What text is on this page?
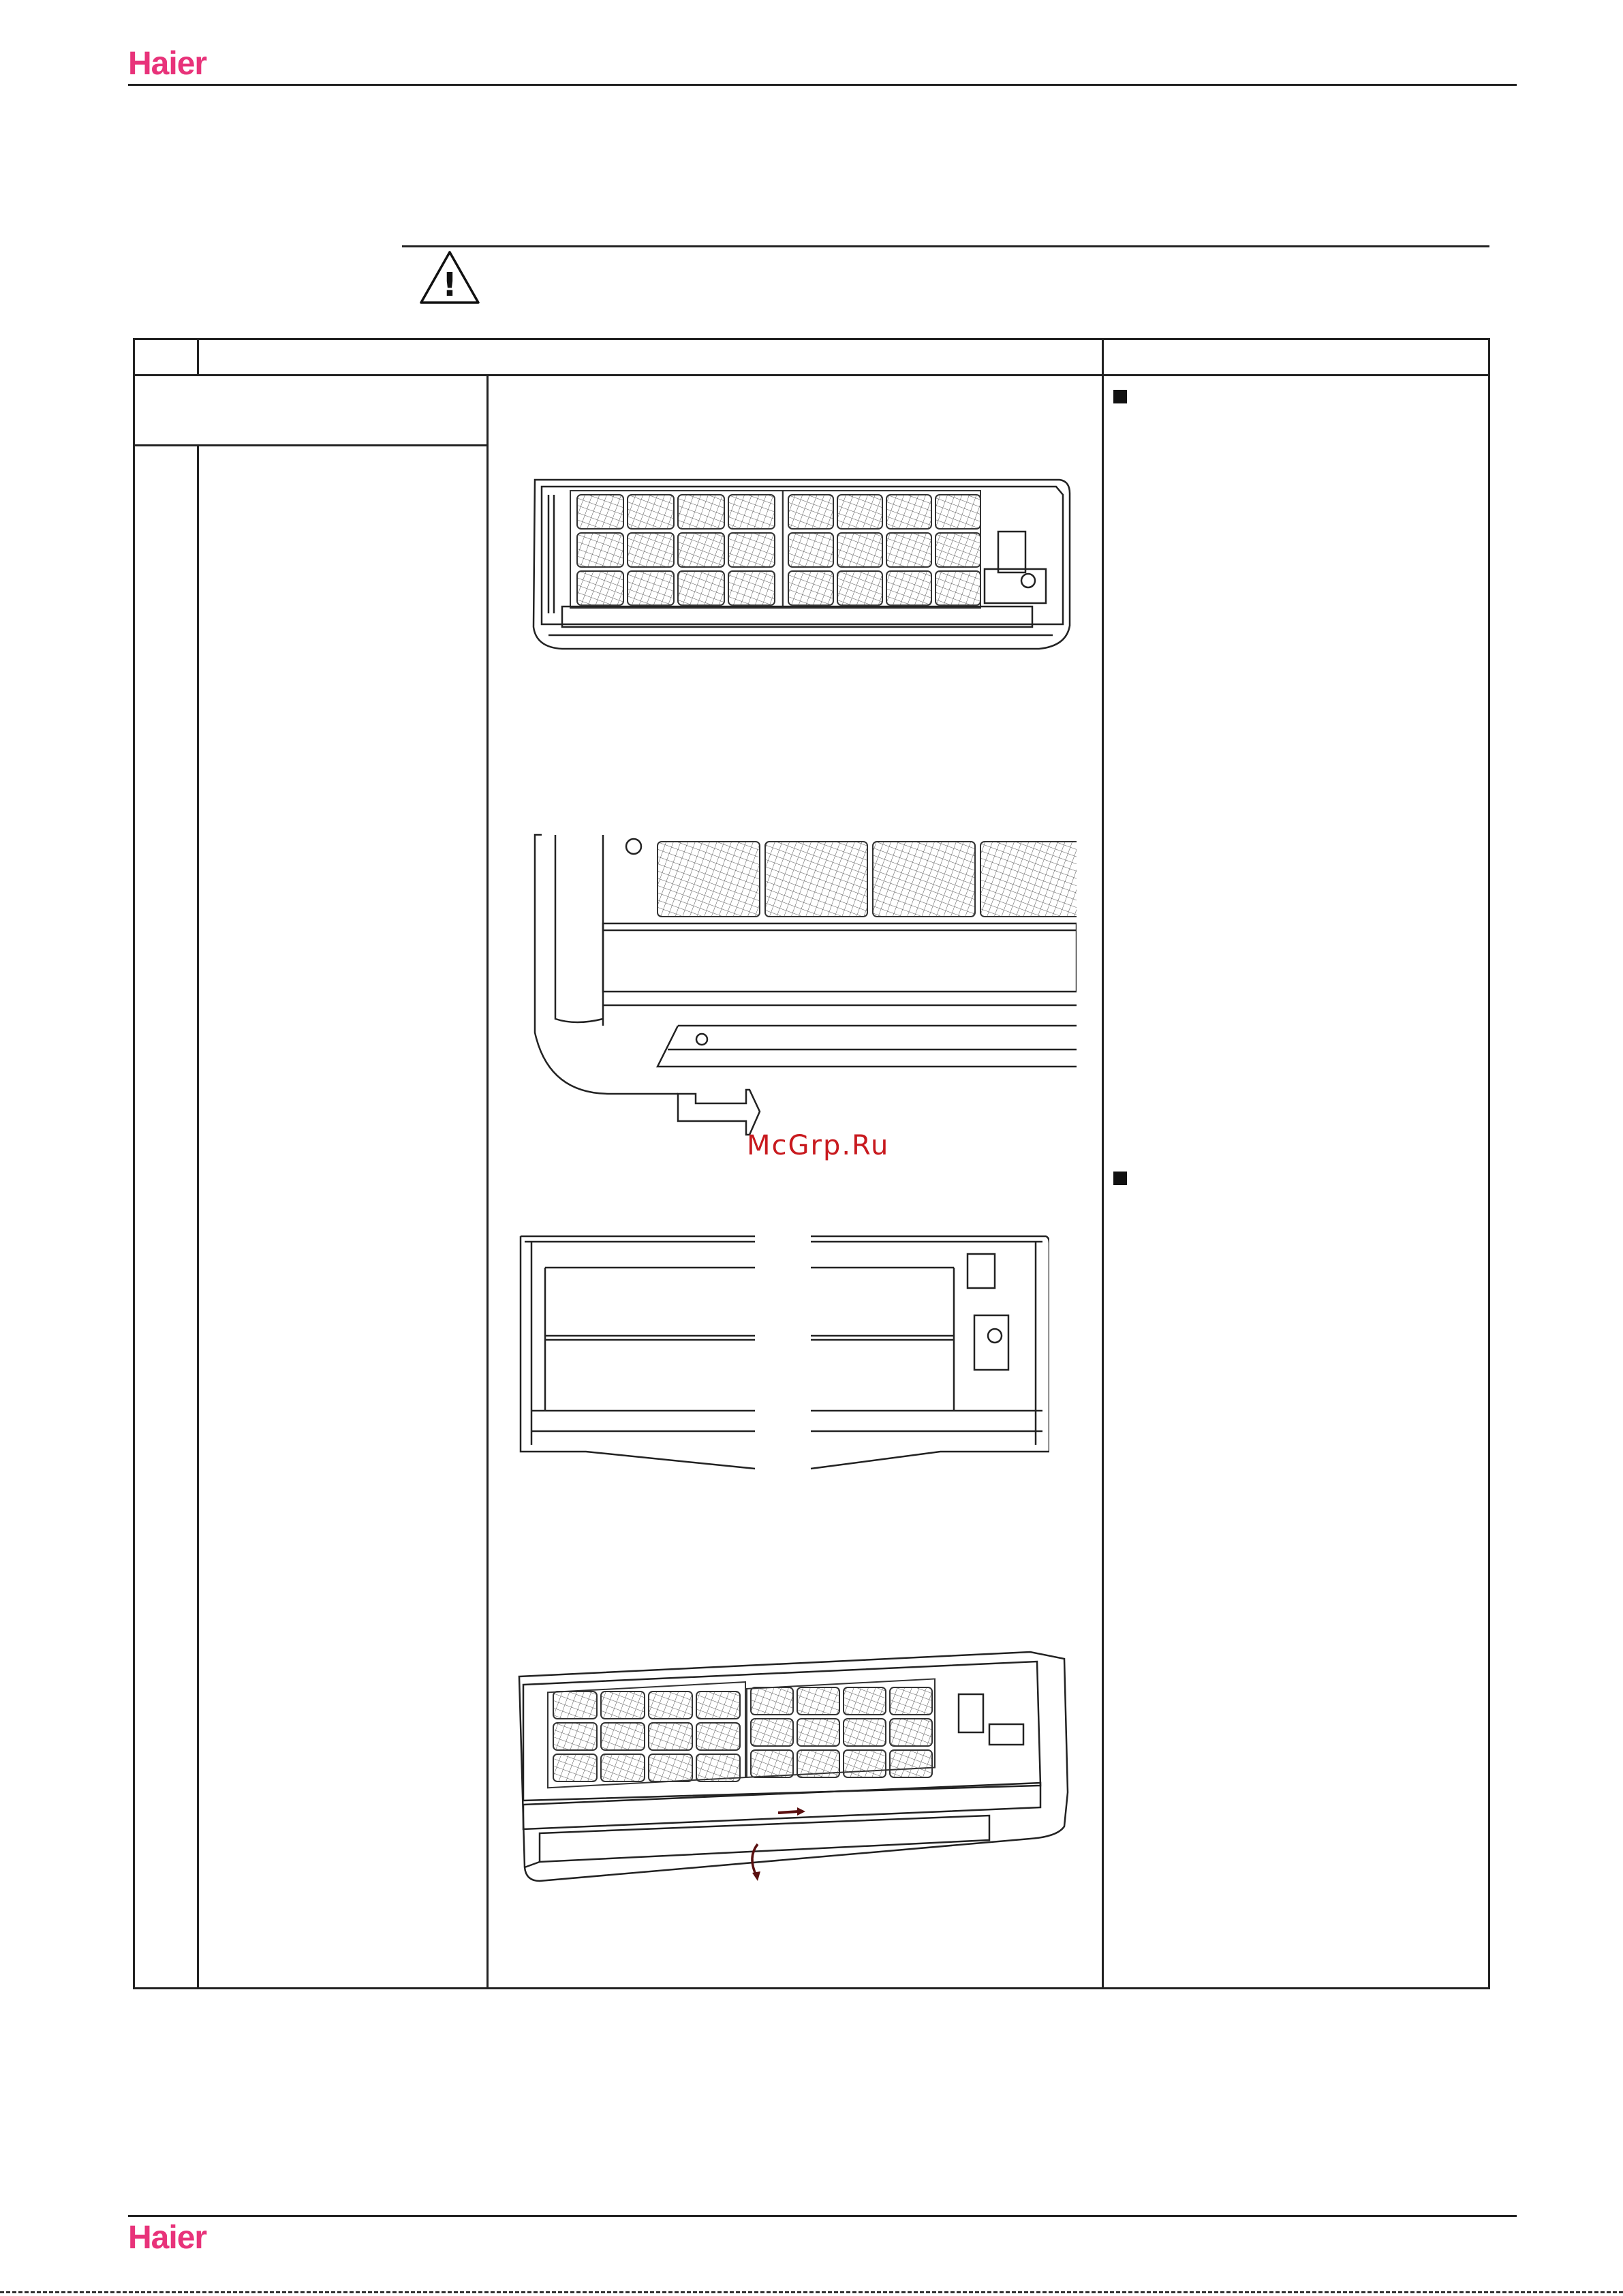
Haier
!
McGrp.Ru
Haier
